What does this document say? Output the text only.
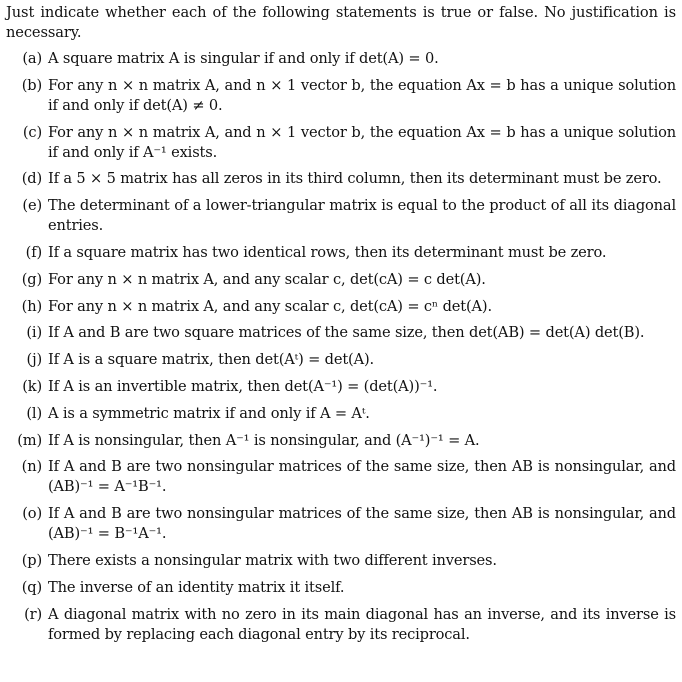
Just indicate whether each of the following statements is true or false. No justification is necessary.

(a) A square matrix A is singular if and only if det(A) = 0.
(b) For any n × n matrix A, and n × 1 vector b, the equation Ax = b has a unique solution if and only if det(A) ≠ 0.
(c) For any n × n matrix A, and n × 1 vector b, the equation Ax = b has a unique solution if and only if A⁻¹ exists.
(d) If a 5 × 5 matrix has all zeros in its third column, then its determinant must be zero.
(e) The determinant of a lower-triangular matrix is equal to the product of all its diagonal entries.
(f) If a square matrix has two identical rows, then its determinant must be zero.
(g) For any n × n matrix A, and any scalar c, det(cA) = c det(A).
(h) For any n × n matrix A, and any scalar c, det(cA) = cⁿ det(A).
(i) If A and B are two square matrices of the same size, then det(AB) = det(A) det(B).
(j) If A is a square matrix, then det(Aᵗ) = det(A).
(k) If A is an invertible matrix, then det(A⁻¹) = (det(A))⁻¹.
(l) A is a symmetric matrix if and only if A = Aᵗ.
(m) If A is nonsingular, then A⁻¹ is nonsingular, and (A⁻¹)⁻¹ = A.
(n) If A and B are two nonsingular matrices of the same size, then AB is nonsingular, and (AB)⁻¹ = A⁻¹B⁻¹.
(o) If A and B are two nonsingular matrices of the same size, then AB is nonsingular, and (AB)⁻¹ = B⁻¹A⁻¹.
(p) There exists a nonsingular matrix with two different inverses.
(q) The inverse of an identity matrix it itself.
(r) A diagonal matrix with no zero in its main diagonal has an inverse, and its inverse is formed by replacing each diagonal entry by its reciprocal.
